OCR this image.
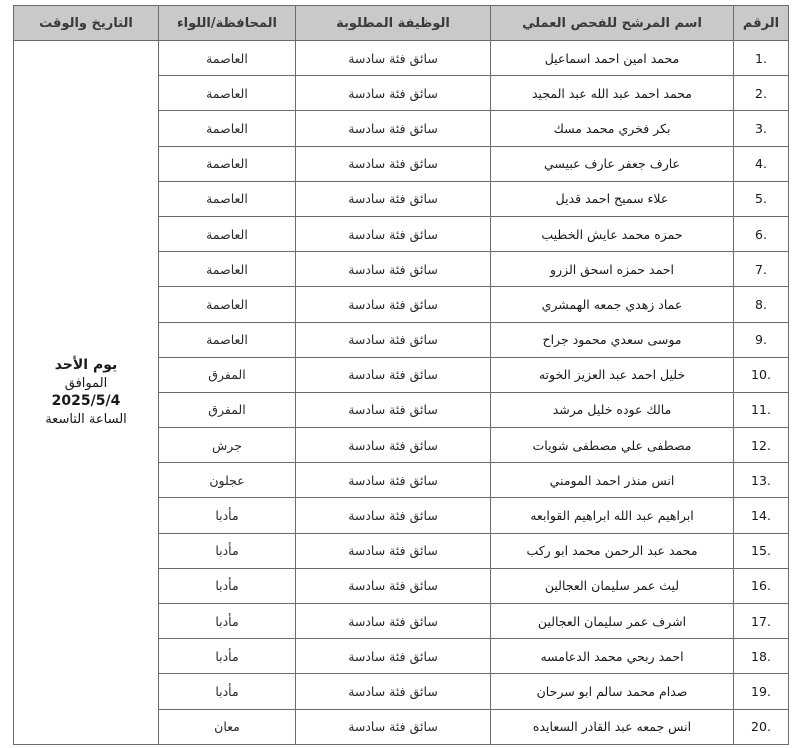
الرقم	اسم المرشح للفحص العملي	الوظيفة المطلوبة	المحافظة/اللواء	التاريخ والوقت
.1	محمد امين احمد اسماعيل	سائق فئة سادسة	العاصمة	يوم الأحد
الموافق
2025/5/4
الساعة التاسعة

.2	محمد احمد عبد الله عبد المجيد	سائق فئة سادسة	العاصمة	
.3	بكر فخري محمد مسك	سائق فئة سادسة	العاصمة	
.4	عارف جعفر عارف عبيسي	سائق فئة سادسة	العاصمة	
.5	علاء سميح احمد قديل	سائق فئة سادسة	العاصمة	
.6	حمزه محمد عايش الخطيب	سائق فئة سادسة	العاصمة	
.7	احمد حمزه اسحق الزرو	سائق فئة سادسة	العاصمة	
.8	عماد زهدي جمعه الهمشري	سائق فئة سادسة	العاصمة	
.9	موسى سعدي محمود جراح	سائق فئة سادسة	العاصمة	
.10	خليل احمد عبد العزيز الخوته	سائق فئة سادسة	المفرق	
.11	مالك عوده خليل مرشد	سائق فئة سادسة	المفرق	
.12	مصطفى علي مصطفى شويات	سائق فئة سادسة	جرش	
.13	انس منذر احمد المومني	سائق فئة سادسة	عجلون	
.14	ابراهيم عبد الله ابراهيم القوابعه	سائق فئة سادسة	مأدبا	
.15	محمد عبد الرحمن محمد ابو ركب	سائق فئة سادسة	مأدبا	
.16	ليث عمر سليمان العجالين	سائق فئة سادسة	مأدبا	
.17	اشرف عمر سليمان العجالين	سائق فئة سادسة	مأدبا	
.18	احمد ربحي محمد الدعامسه	سائق فئة سادسة	مأدبا	
.19	صدام محمد سالم ابو سرحان	سائق فئة سادسة	مأدبا	
.20	انس جمعه عبد القادر السعايده	سائق فئة سادسة	معان	
